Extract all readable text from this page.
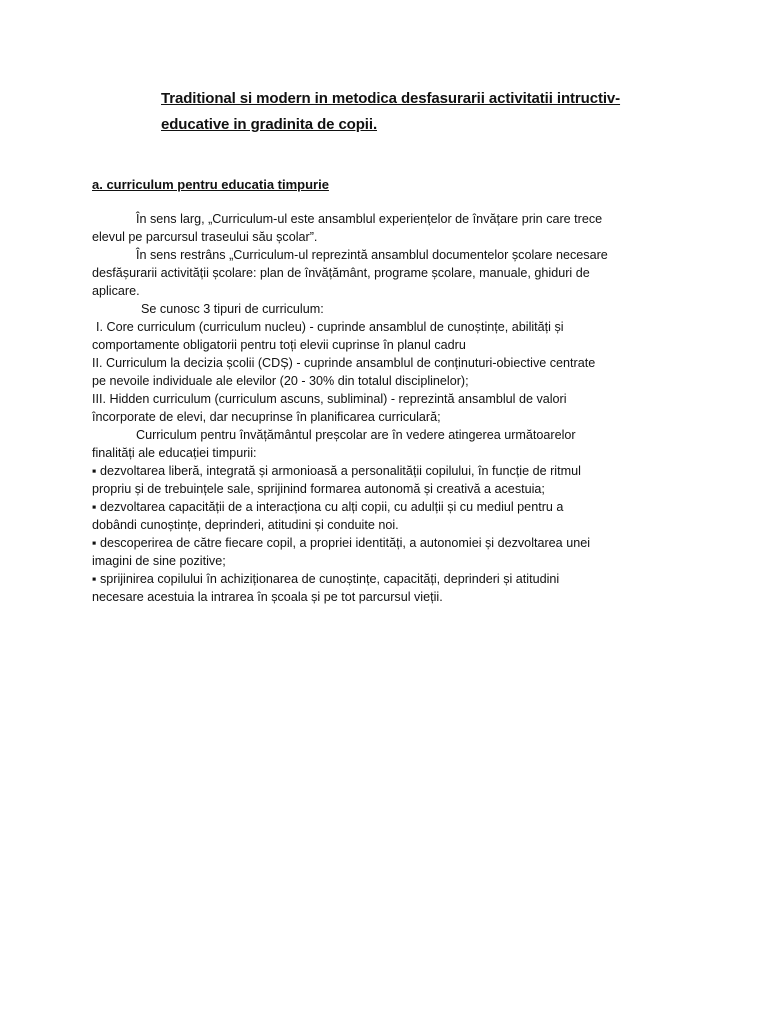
Traditional si modern in metodica desfasurarii activitatii intructiv-
educative in gradinita de copii.
a. curriculum pentru educatia timpurie
În sens larg, „Curriculum-ul este ansamblul experiențelor de învățare prin care trece
elevul pe parcursul traseului său școlar”.
În sens restrâns „Curriculum-ul reprezintă ansamblul documentelor școlare necesare
desfășurarii activității școlare: plan de învățământ, programe școlare, manuale, ghiduri de
aplicare.
Se cunosc 3 tipuri de curriculum:
I. Core curriculum (curriculum nucleu) - cuprinde ansamblul de cunoștințe, abilități și
comportamente obligatorii pentru toți elevii cuprinse în planul cadru
II. Curriculum la decizia școlii (CDȘ) - cuprinde ansamblul de conținuturi-obiective centrate
pe nevoile individuale ale elevilor (20 - 30% din totalul disciplinelor);
III. Hidden curriculum (curriculum ascuns, subliminal) - reprezintă ansamblul de valori
încorporate de elevi, dar necuprinse în planificarea curriculară;
Curriculum pentru învățământul preșcolar are în vedere atingerea următoarelor
finalități ale educației timpurii:
▪ dezvoltarea liberă, integrată și armonioasă a personalității copilului, în funcție de ritmul
propriu și de trebuințele sale, sprijinind formarea autonomă și creativă a acestuia;
▪ dezvoltarea capacității de a interacționa cu alți copii, cu adulții și cu mediul pentru a
dobândi cunoștințe, deprinderi, atitudini și conduite noi.
▪ descoperirea de către fiecare copil, a propriei identități, a autonomiei și dezvoltarea unei
imagini de sine pozitive;
▪ sprijinirea copilului în achiziționarea de cunoștințe, capacități, deprinderi și atitudini
necesare acestuia la intrarea în școala și pe tot parcursul vieții.
